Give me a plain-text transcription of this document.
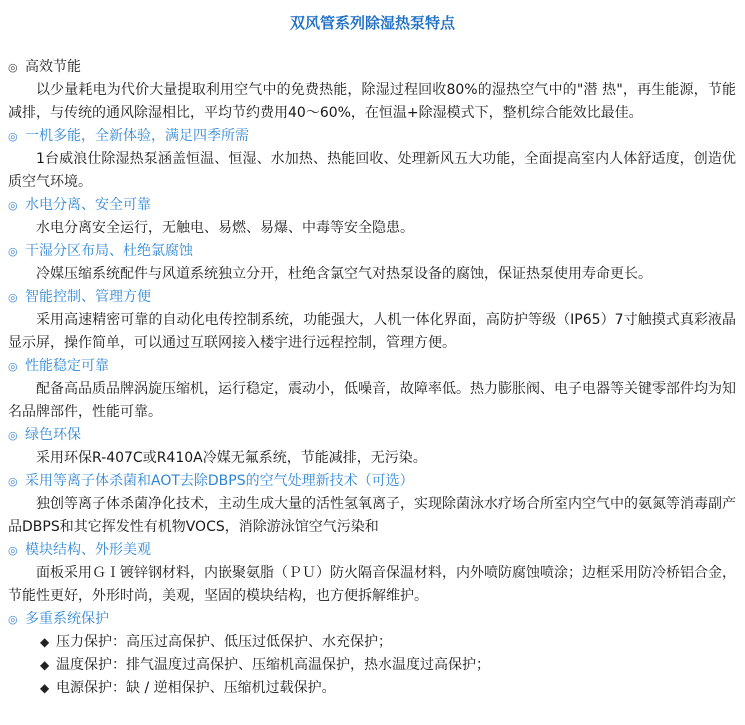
双风管系列除湿热泵特点
◎ 高效节能

以少量耗电为代价大量提取利用空气中的免费热能，除湿过程回收80%的湿热空气中的"潜 热"，再生能源，节能减排，与传统的通风除湿相比，平均节约费用40～60%，在恒温+除湿模式下，整机综合能效比最佳。

◎ 一机多能，全新体验，满足四季所需

1台威浪仕除湿热泵涵盖恒温、恒湿、水加热、热能回收、处理新风五大功能，全面提高室内人体舒适度，创造优质空气环境。

◎ 水电分离、安全可靠

水电分离安全运行，无触电、易燃、易爆、中毒等安全隐患。

◎ 干湿分区布局、杜绝氯腐蚀

冷媒压缩系统配件与风道系统独立分开，杜绝含氯空气对热泵设备的腐蚀，保证热泵使用寿命更长。

◎ 智能控制、管理方便

采用高速精密可靠的自动化电传控制系统，功能强大，人机一体化界面，高防护等级（IP65）7寸触摸式真彩液晶显示屏，操作简单，可以通过互联网接入楼宇进行远程控制，管理方便。

◎ 性能稳定可靠

配备高品质品牌涡旋压缩机，运行稳定，震动小，低噪音，故障率低。热力膨胀阀、电子电器等关键零部件均为知名品牌部件，性能可靠。

◎ 绿色环保

采用环保R-407C或R410A冷媒无氟系统，节能减排，无污染。

◎ 采用等离子体杀菌和AOT去除DBPS的空气处理新技术（可选）

独创等离子体杀菌净化技术，主动生成大量的活性氢氧离子，实现除菌泳水疗场合所室内空气中的氨氮等消毒副产品DBPS和其它挥发性有机物VOCS，消除游泳馆空气污染和

◎ 模块结构、外形美观

面板采用ＧＩ镀锌钢材料，内嵌聚氨脂（ＰＵ）防火隔音保温材料，内外喷防腐蚀喷涂；边框采用防冷桥铝合金，节能性更好，外形时尚，美观，坚固的模块结构，也方便拆解维护。

◎ 多重系统保护
◆ 压力保护：高压过高保护、低压过低保护、水充保护；
◆ 温度保护：排气温度过高保护、压缩机高温保护，热水温度过高保护；
◆ 电源保护：缺 / 逆相保护、压缩机过载保护。
